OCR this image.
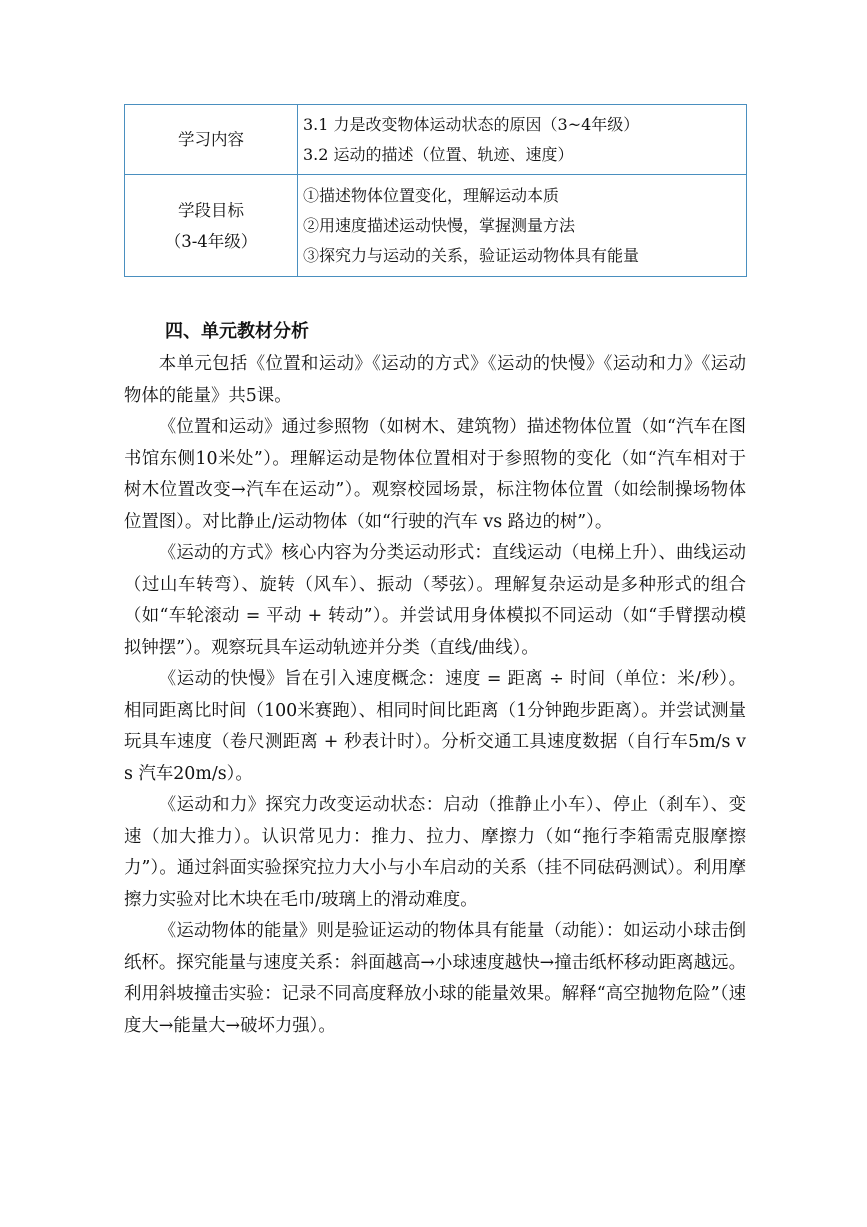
学习内容	3.1 力是改变物体运动状态的原因（3~4年级）
3.2 运动的描述（位置、轨迹、速度）

学段目标
（3-4年级）	①描述物体位置变化，理解运动本质
②用速度描述运动快慢，掌握测量方法
③探究力与运动的关系，验证运动物体具有能量
四、单元教材分析

本单元包括《位置和运动》《运动的方式》《运动的快慢》《运动和力》《运动物体的能量》共5课。

《位置和运动》通过参照物（如树木、建筑物）描述物体位置（如“汽车在图书馆东侧10米处”）。理解运动是物体位置相对于参照物的变化（如“汽车相对于树木位置改变→汽车在运动”）。观察校园场景，标注物体位置（如绘制操场物体位置图）。对比静止/运动物体（如“行驶的汽车 vs 路边的树”）。

《运动的方式》核心内容为分类运动形式：直线运动（电梯上升）、曲线运动（过山车转弯）、旋转（风车）、振动（琴弦）。理解复杂运动是多种形式的组合（如“车轮滚动 = 平动 + 转动”）。并尝试用身体模拟不同运动（如“手臂摆动模拟钟摆”）。观察玩具车运动轨迹并分类（直线/曲线）。

《运动的快慢》旨在引入速度概念：速度 = 距离 ÷ 时间（单位：米/秒）。相同距离比时间（100米赛跑）、相同时间比距离（1分钟跑步距离）。并尝试测量玩具车速度（卷尺测距离 + 秒表计时）。分析交通工具速度数据（自行车5m/s vs 汽车20m/s）。

《运动和力》探究力改变运动状态：启动（推静止小车）、停止（刹车）、变速（加大推力）。认识常见力：推力、拉力、摩擦力（如“拖行李箱需克服摩擦力”）。通过斜面实验探究拉力大小与小车启动的关系（挂不同砝码测试）。利用摩擦力实验对比木块在毛巾/玻璃上的滑动难度。

《运动物体的能量》则是验证运动的物体具有能量（动能）：如运动小球击倒纸杯。探究能量与速度关系：斜面越高→小球速度越快→撞击纸杯移动距离越远。利用斜坡撞击实验：记录不同高度释放小球的能量效果。解释“高空抛物危险”（速度大→能量大→破坏力强）。
